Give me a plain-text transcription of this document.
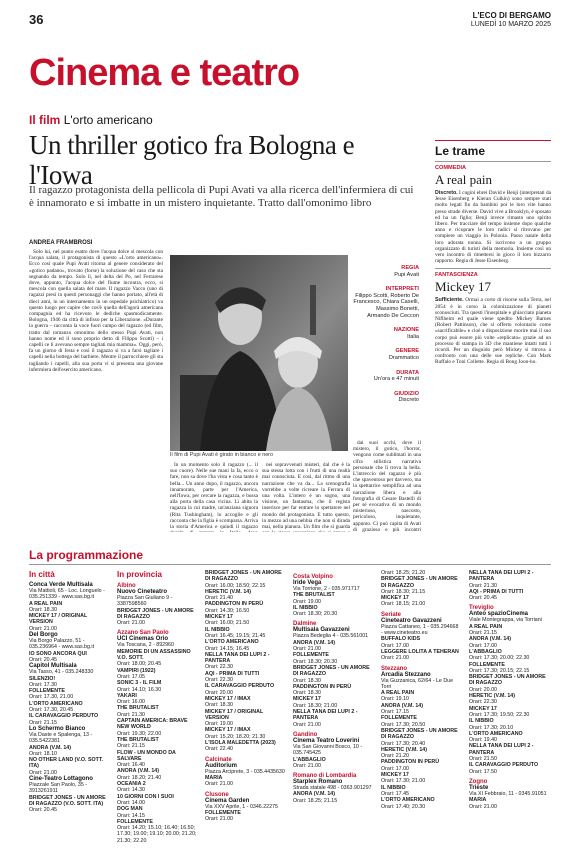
36	L'ECO DI BERGAMO
LUNEDÌ 10 MARZO 2025
Cinema e teatro
Il film L'orto americano
Un thriller gotico fra Bologna e l'Iowa

Il ragazzo protagonista della pellicola di Pupi Avati va alla ricerca dell'infermiera di cui è innamorato e si imbatte in un mistero inquietante. Tratto dall'omonimo libro

ANDREA FRAMBROSI

Solo lui, nel punto esatto dove l'acqua dolce si mescola con l'acqua salata, il protagonista di questo «L'orto americano». Ecco cosí quale Pupi Avati ritorna al genere considerato del «gotico padano», trovato (forse) la soluzione del caso che sta segnando da tempo. Solo lì, nel delta del Po, nel Ferrarese dove, appunto, l'acqua dolce del fiume incontra, ecco, si mescola con quella salata del mare. Il ragazzo Vacco (uno di ragazzi presi in questi personaggi che hanno portato, all'età di dieci anni, in un internamento in un ospedale psichiatrico) va questo luogo per capire che cos'è quella dell'agorà americana compagnia ed ha ricevuto le dediche spasmodicamente. Bologna, 1946 da città di infisso per la Liberazione. «Durante la guerra – racconta la voce fuori campo del ragazzo (ed film, tratto dal romanzo omonimo dello stesso Pupi Avati, non hanno nome ed il sono proprio detto di Filippo Scotti) – i capelli ce li avevano sempre tagliati mia mamma». Oggi, però, fa un giorno di festa e così il ragazzo si va a farsi tagliare i capelli nella bottega del barbiere. Mentre il parrucchiere gli sta tagliando i capelli, alla sua porta vi si presenta una giovane infermiera dell'esercito americano.

In un momento solo il ragazzo (... il suo cuore). Nelle sue mani la fa, ecco o fare, non sa dove l'ha vista e cosa tanto è bella... Un anno dopo, il ragazzo, ancora innamorato, parte per l'America, nell'Iowa, per cercare la ragazza, e bussa alla porta della casa vicina. Lì abita la ragazza la cui madre, un'anziana signora (Rita Tushingham), lo accoglie e gli racconta che la figlia è scomparsa. Arriva la storia d'America e quindi il ragazzo

nei sopravvenuti misteri, dal che è la sua stessa lotta con i frutti di una realtà mai conosciuta. E così, dal ritmo di una narrazione che va da... La scenografia vorrebbe a volte ricreare la Ferrara di una volta. L'intero è un sogno, una visione, un fantasma, che il regista inserisce per far entrare lo spettatore nel mondo del protagonista. E tutto questo, in mezzo ad una nebbia che non si dirada mai, nella pianura. Un film che si guarda

dai suoi occhi, dove il mistero, il gotico, l'horror, vengono come sublimati in una cifra stilistica narrativa personale che lì trova la bella. L'intreccio del ragazzo è più che spaventoso per davvero, ma la spettatrice semplifica ad una narrazione libera e alla fotografia di Cesare Bastelli di per sé evocativa di un mondo misterioso, nascosto, pericoloso, inquietante, appunto. Ci può capita di Avati di grazioso e più incontri

Il film di Pupi Avati è girato in bianco e nero
REGIA
Pupi Avati
INTERPRETI
Filippo Scotti, Roberto De Francesco, Chiara Caselli, Massimo Bonetti, Armando De Ceccon
NAZIONE
Italia
GENERE
Drammatico
DURATA
Un'ora e 47 minuti
GIUDIZIO
Discreto
Le trame
COMMEDIA
A real pain
Discreto. I cugini ebrei David e Benji (interpretati da Jesse Eisenberg e Kieran Culkin) sono sempre stati molto legati fin da bambini poi le loro vite hanno preso strade diverse. David vive a Brooklyn, è sposato ed ha un figlio; Benji invece rimasto uno spirito libero. Per tracciare del tempo insieme dopo qualche anno e ricoprare le loro radici si ritrovano per compiere un viaggio in Polonia. Passo natale della loro adorata nonna. Si iscrivono a un gruppo organizzato di turisti della memoria. Insieme così un vero incontro di rimettersi in gioco il loro bizzarro rapporto. Regia di Jesse Eisenberg.
FANTASCIENZA
Mickey 17
Sufficiente. Ormai a corto di risorse sulla Terra, nel 2054 è in corso la colonizzazione di pianeti sconosciuti. Tra questi l'inospitale e ghiacciato pianeta Niflheim ed quale viene spedito Mickey Barnes (Robert Pattinson), che si offerto volontario come «sacrificabile» e cioè a disposizione morire mai il suo corpo può essere più volte «replicato» grazie ad un processo di stampa in 3D che mantiene intatti tutti i ricordi. Per un disguido però Mickey si ritrova a confronto con una delle sue repliche. Con Mark Ruffalo e Toni Collette. Regia di Bong Joon-ho.
La programmazione
In città
Conca Verde Multisala
Via Mattioli, 65 - Loc. Longuelo - 035.251339 - www.sas.bg.it
A REAL PAIN
Orari: 18.30
MICKEY 17 / ORIGINAL VERSION
Orari: 21.00
Del Borgo
Via Borgo Palazzo, 51 - 035.236964 - www.sas.bg.it
IO SONO ANCORA QUI
Orari: 20.45
Capitol Multisala
Via Tasso, 41 - 035.248330
SILENZIO!
Orari: 17.30
FOLLEMENTE
Orari: 17.30, 21.00
L'ORTO AMERICANO
Orari: 17.30, 20.45
IL CARAVAGGIO PERDUTO
Orari: 21.15
Lo Schermo Bianco
Via Daste e Spalenga, 13 - 035.5422381
ANORA (V.M. 14)
Orari: 18.10
NO OTHER LAND (V.O. SOTT. ITA)
Orari: 21.00
Cine-Teatro Lottagono
Piazzale San Paolo, 35 - 3913261911
BRIDGET JONES - UN AMORE DI RAGAZZO (V.O. SOTT. ITA)
Orari: 20.45
In provincia
Albino
Nuovo Cineteatro
Piazza San Giuliano 9 - 3387598560
BRIDGET JONES - UN AMORE DI RAGAZZO
Orari: 21.00
Azzano San Paolo
UCI Cinemas Orio
Via Toscana, 2 - 892960
MEMORIE DI UN ASSASSINO V.O. SOTT.
Orari: 18.00; 20.45
VAMPIRI (1922)
Orari: 17.05
SONIC 3 - IL FILM
Orari: 14.10; 16.30
YAKARI
Orari: 16.00
THE BRUTALIST
Orari: 21.30
CAPTAIN AMERICA: BRAVE NEW WORLD
Orari: 19.30; 22.00
THE BRUTALIST
Orari: 21.15
FLOW - UN MONDO DA SALVARE
Orari: 16.40
ANORA (V.M. 14)
Orari: 18.20; 21.40
OCEANIA 2
Orari: 14.30
10 GIORNI CON I SUOI
Orari: 14.00
DOG MAN
Orari: 14.15
FOLLEMENTE
Orari: 14.20; 15.10; 16.40; 16.50; 17.30; 19.00; 19.10; 20.00; 21.20; 21.30; 22.20
BRIDGET JONES - UN AMORE DI RAGAZZO
Orari: 16.00; 18.50; 22.15
HERETIC (V.M. 14)
Orari: 21.40
PADDINGTON IN PERÙ
Orari: 14.30; 16.50
MICKEY 17
Orari: 16.00; 21.50
IL NIBBIO
Orari: 16.45; 19.15; 21.45
L'ORTO AMERICANO
Orari: 14.15; 16.45
NELLA TANA DEI LUPI 2 - PANTERA
Orari: 22.30
AQI - PRIMA DI TUTTI
Orari: 22.30
IL CARAVAGGIO PERDUTO
Orari: 20.00
MICKEY 17 / IMAX
Orari: 18.30
MICKEY 17 / ORIGINAL VERSION
Orari: 19.00
MICKEY 17 / IMAX
Orari: 15.20; 18.20; 21.30
L'ISOLA MALEDETTA (2023)
Orari: 22.40
Calcinate
Auditorium
Piazza Arciprete, 3 - 035.4435630
MARIA
Orari: 21.00
Clusone
Cinema Garden
Via XXV Aprile, 1 - 0346.22275
FOLLEMENTE
Orari: 21.00
Costa Volpino
Iride Vega
Via Torrione, 2 - 035.971717
THE BRUTALIST
Orari: 19.00
IL NIBBIO
Orari: 18.30; 20.30
Dalmine
Multisala Gavazzeni
Piazza Bedeglia 4 - 035.561001
ANORA (V.M. 14)
Orari: 21.00
FOLLEMENTE
Orari: 18.30; 20.30
BRIDGET JONES - UN AMORE DI RAGAZZO
Orari: 18.30
PADDINGTON IN PERÙ
Orari: 18.30
MICKEY 17
Orari: 18.30; 21.00
NELLA TANA DEI LUPI 2 - PANTERA
Orari: 21.00
Gandino
Cinema Teatro Loverini
Via San Giovanni Bosco, 10 - 035.745425
L'ABBAGLIO
Orari: 21.00
Romano di Lombardia
Starplex Romano
Strada statale 498 - 0363.901297
ANORA (V.M. 14)
Orari: 18.25; 21.15
Orari: 18.25; 21.20
BRIDGET JONES - UN AMORE DI RAGAZZO
Orari: 18.30; 21.15
MICKEY 17
Orari: 18.15; 21.00
Seriate
Cineteatro Gavazzeni
Piazza Cattaneo, 1 - 035.294668 - www.cineteatro.eu
BUFFALO KIDS
Orari: 17.00
LEGGERE LOLITA A TEHERAN
Orari: 21.00
Stezzano
Arcadia Stezzano
Via Guzzanica, 62/64 - Le Due Torri
A REAL PAIN
Orari: 19.10
ANORA (V.M. 14)
Orari: 17.15
FOLLEMENTE
Orari: 17.30; 20.50
BRIDGET JONES - UN AMORE DI RAGAZZO
Orari: 17.30; 20.40
HERETIC (V.M. 14)
Orari: 21.20
PADDINGTON IN PERÙ
Orari: 17.00
MICKEY 17
Orari: 17.30; 21.00
IL NIBBIO
Orari: 17.45
L'ORTO AMERICANO
Orari: 17.40; 20.30
NELLA TANA DEI LUPI 2 - PANTERA
Orari: 21.30
AQI - PRIMA DI TUTTI
Orari: 20.45
Treviglio
Anteo spazioCinema
Viale Montegrappa, via Torriani
A REAL PAIN
Orari: 21.15
ANORA (V.M. 14)
Orari: 17.00
L'ABBAGLIO
Orari: 17.30; 20.00; 22.30
FOLLEMENTE
Orari: 17.30; 20.15; 22.15
BRIDGET JONES - UN AMORE DI RAGAZZO
Orari: 20.00
HERETIC (V.M. 14)
Orari: 22.30
MICKEY 17
Orari: 17.30; 19.50; 22.30
IL NIBBIO
Orari: 17.30; 20.10
L'ORTO AMERICANO
Orari: 19.40
NELLA TANA DEI LUPI 2 - PANTERA
Orari: 21.50
IL CARAVAGGIO PERDUTO
Orari: 17.50
Zogno
Trieste
Via XI Febbraio, 11 - 0345.91051
MARIA
Orari: 21.00
